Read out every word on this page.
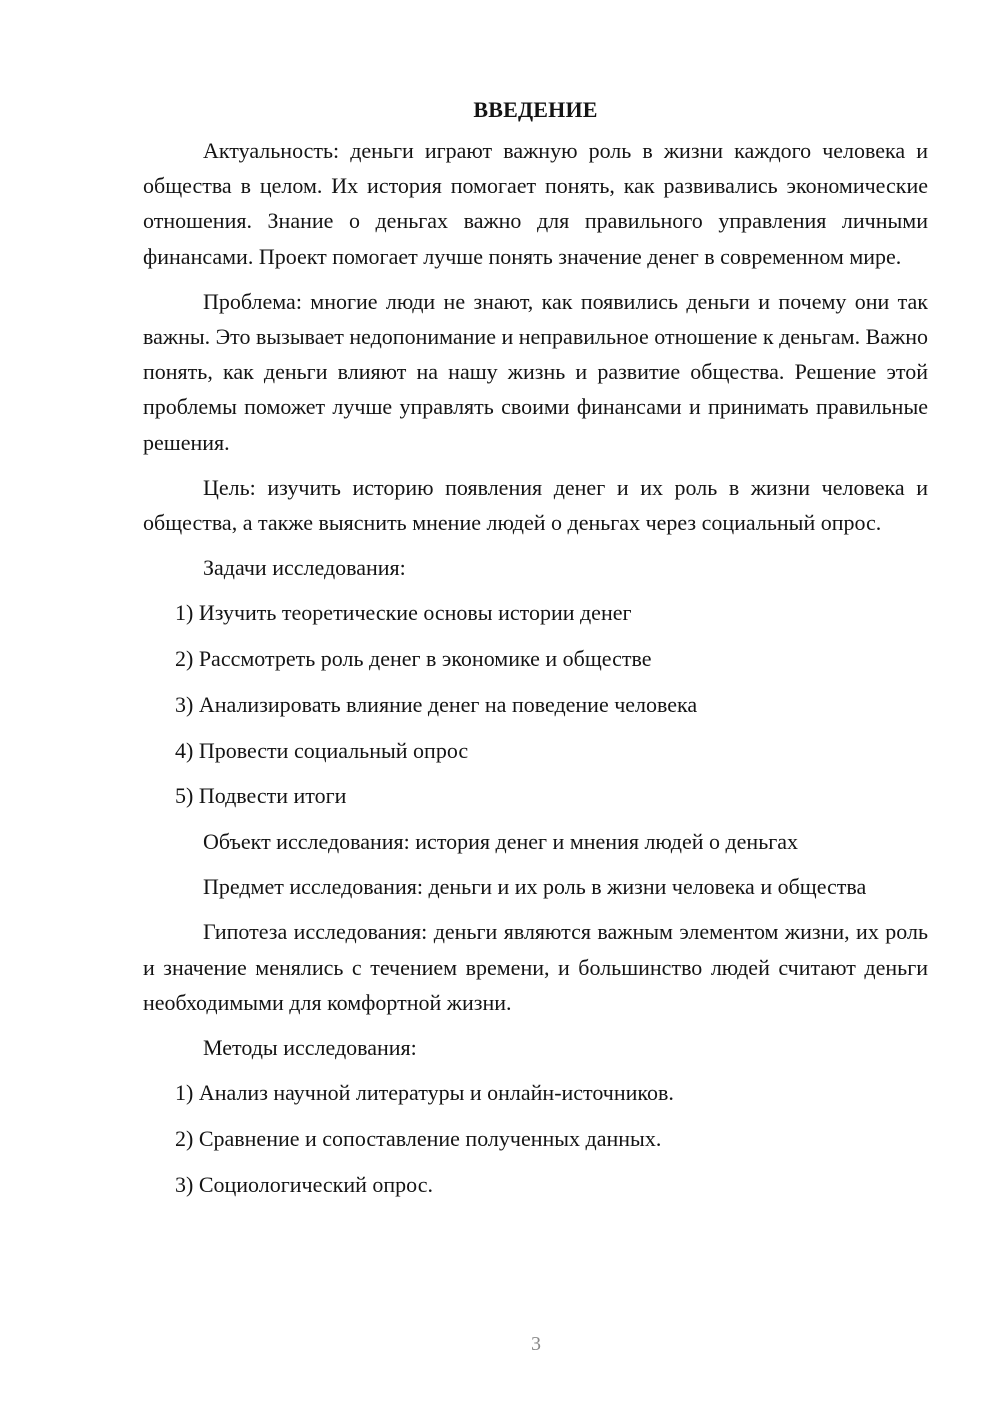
ВВЕДЕНИЕ

Актуальность: деньги играют важную роль в жизни каждого человека и общества в целом. Их история помогает понять, как развивались экономические отношения. Знание о деньгах важно для правильного управления личными финансами. Проект помогает лучше понять значение денег в современном мире.

Проблема: многие люди не знают, как появились деньги и почему они так важны. Это вызывает недопонимание и неправильное отношение к деньгам. Важно понять, как деньги влияют на нашу жизнь и развитие общества. Решение этой проблемы поможет лучше управлять своими финансами и принимать правильные решения.

Цель: изучить историю появления денег и их роль в жизни человека и общества, а также выяснить мнение людей о деньгах через социальный опрос.

Задачи исследования:

1) Изучить теоретические основы истории денег
2) Рассмотреть роль денег в экономике и обществе
3) Анализировать влияние денег на поведение человека
4) Провести социальный опрос
5) Подвести итоги

Объект исследования: история денег и мнения людей о деньгах

Предмет исследования: деньги и их роль в жизни человека и общества

Гипотеза исследования: деньги являются важным элементом жизни, их роль и значение менялись с течением времени, и большинство людей считают деньги необходимыми для комфортной жизни.

Методы исследования:

1) Анализ научной литературы и онлайн-источников.
2) Сравнение и сопоставление полученных данных.
3) Социологический опрос.
3
